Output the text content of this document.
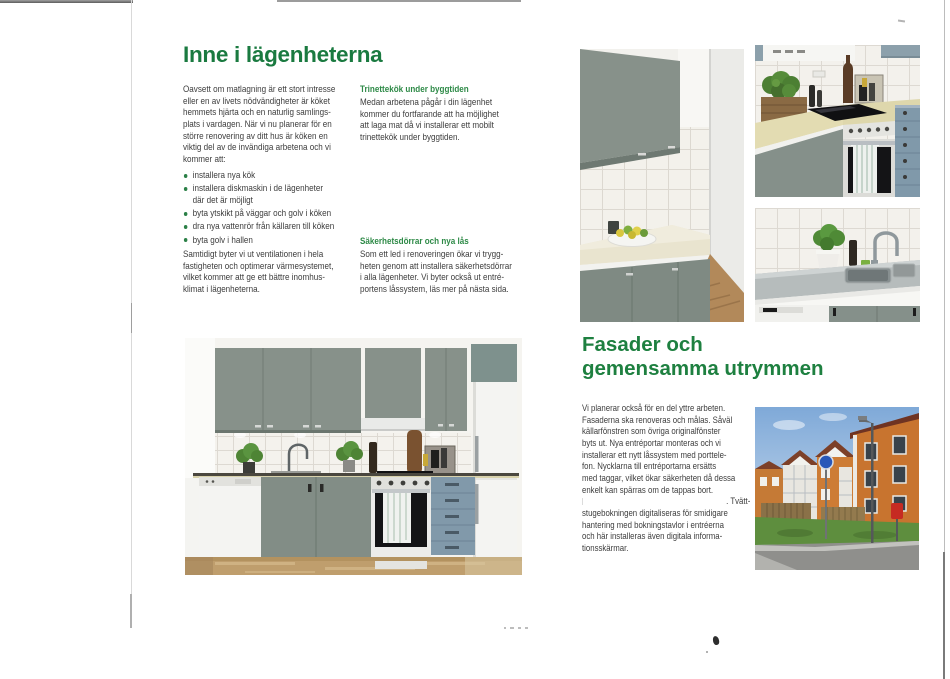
Inne i lägenheterna
Oavsett om matlagning är ett stort intresse
eller en av livets nödvändigheter är köket
hemmets hjärta och en naturlig samlings-
plats i vardagen. När vi nu planerar för en
större renovering av ditt hus är köken en
viktig del av de invändiga arbetena och vi
kommer att:
installera nya kök
installera diskmaskin i de lägenheter
där det är möjligt
byta ytskikt på väggar och golv i köken
dra nya vattenrör från källaren till köken
byta golv i hallen
Samtidigt byter vi ut ventilationen i hela
fastigheten och optimerar värmesystemet,
vilket kommer att ge ett bättre inomhus-
klimat i lägenheterna.
Trinettekök under byggtiden
Medan arbetena pågår i din lägenhet
kommer du fortfarande att ha möjlighet
att laga mat då vi installerar ett mobilt
trinettekök under byggtiden.
Säkerhetsdörrar och nya lås
Som ett led i renoveringen ökar vi trygg-
heten genom att installera säkerhetsdörrar
i alla lägenheter. Vi byter också ut entré-
portens låssystem, läs mer på nästa sida.
Fasader och
gemensamma utrymmen
Vi planerar också för en del yttre arbeten.
Fasaderna ska renoveras och målas. Såväl
källarfönstren som övriga originalfönster
byts ut. Nya entréportar monteras och vi
installerar ett nytt låssystem med porttele-
fon. Nycklarna till entréportarna ersätts
med taggar, vilket ökar säkerheten då dessa
enkelt kan spärras om de tappas bort.
. Tvätt-
stugebokningen digitaliseras för smidigare
hantering med bokningstavlor i entréerna
och här installeras även digitala informa-
tionsskärmar.
